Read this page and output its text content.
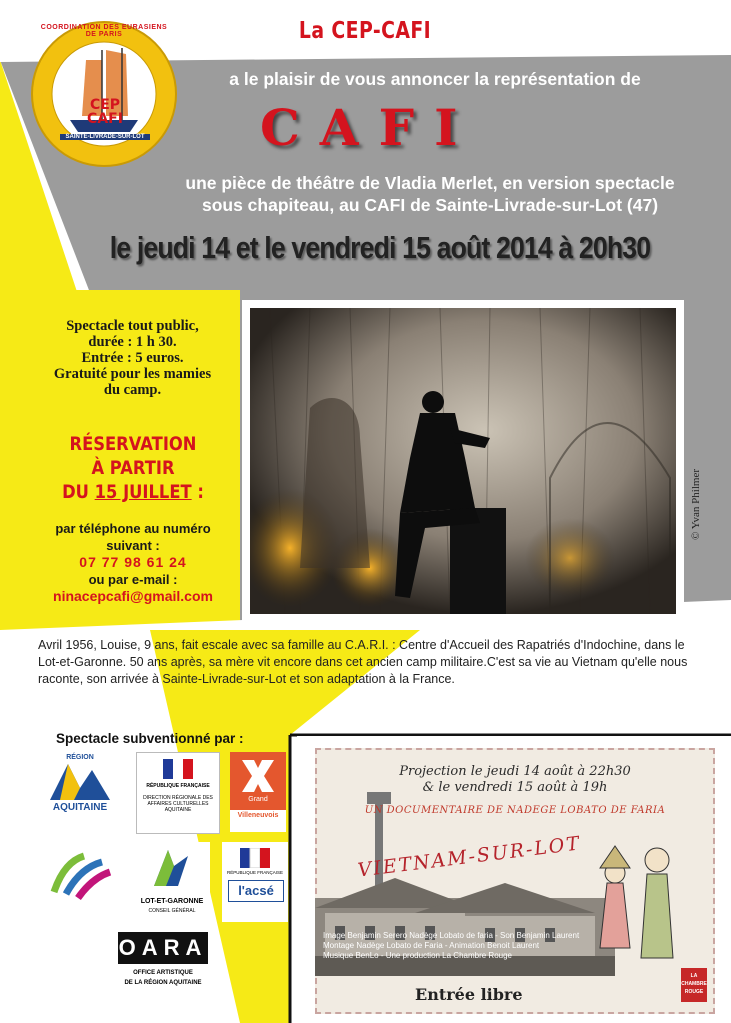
CEP CAFI
SAINTE-LIVRADE-SUR-LOT
COORDINATION DES EURASIENS DE PARIS	La CEP-CAFI
a le plaisir de vous annoncer la représentation de
CAFI
une pièce de théâtre de Vladia Merlet, en version spectacle
sous chapiteau, au CAFI de Sainte-Livrade-sur-Lot (47)
le jeudi 14 et le vendredi 15 août 2014 à 20h30
© Yvan Philmer
Spectacle tout public,
durée : 1 h 30.
Entrée : 5 euros.
Gratuité pour les mamies
du camp.
RÉSERVATION
À PARTIR
DU 15 JUILLET :
par téléphone au numéro
suivant :
07 77 98 61 24
ou par e-mail :
ninacepcafi@gmail.com
Avril 1956, Louise, 9 ans, fait escale avec sa famille au C.A.R.I. : Centre d'Accueil des Rapatriés d'Indochine, dans le Lot-et-Garonne. 50 ans après, sa mère vit encore dans cet ancien camp militaire.C'est sa vie au Vietnam qu'elle nous raconte, son arrivée à Sainte-Livrade-sur-Lot et son adaptation à la France.
Spectacle subventionné par :
RÉGION
AQUITAINE
RÉPUBLIQUE FRANÇAISE
DIRECTION RÉGIONALE DES AFFAIRES CULTURELLES AQUITAINE
Grand
Villeneuvois
LOT-ET-GARONNE
CONSEIL GÉNÉRAL
RÉPUBLIQUE FRANÇAISE
l'acsé
OARA
OFFICE ARTISTIQUE
DE LA RÉGION AQUITAINE
Projection le jeudi 14 août à 22h30
& le vendredi 15 août à 19h
UN DOCUMENTAIRE DE NADEGE LOBATO DE FARIA
VIETNAM-SUR-LOT
Image Benjamin Serero Nadège Lobato de faria - Son Benjamin Laurent
Montage Nadège Lobato de Faria - Animation Benoit Laurent
Musique BenLo - Une production La Chambre Rouge
Entrée libre
LA CHAMBRE
ROUGE
